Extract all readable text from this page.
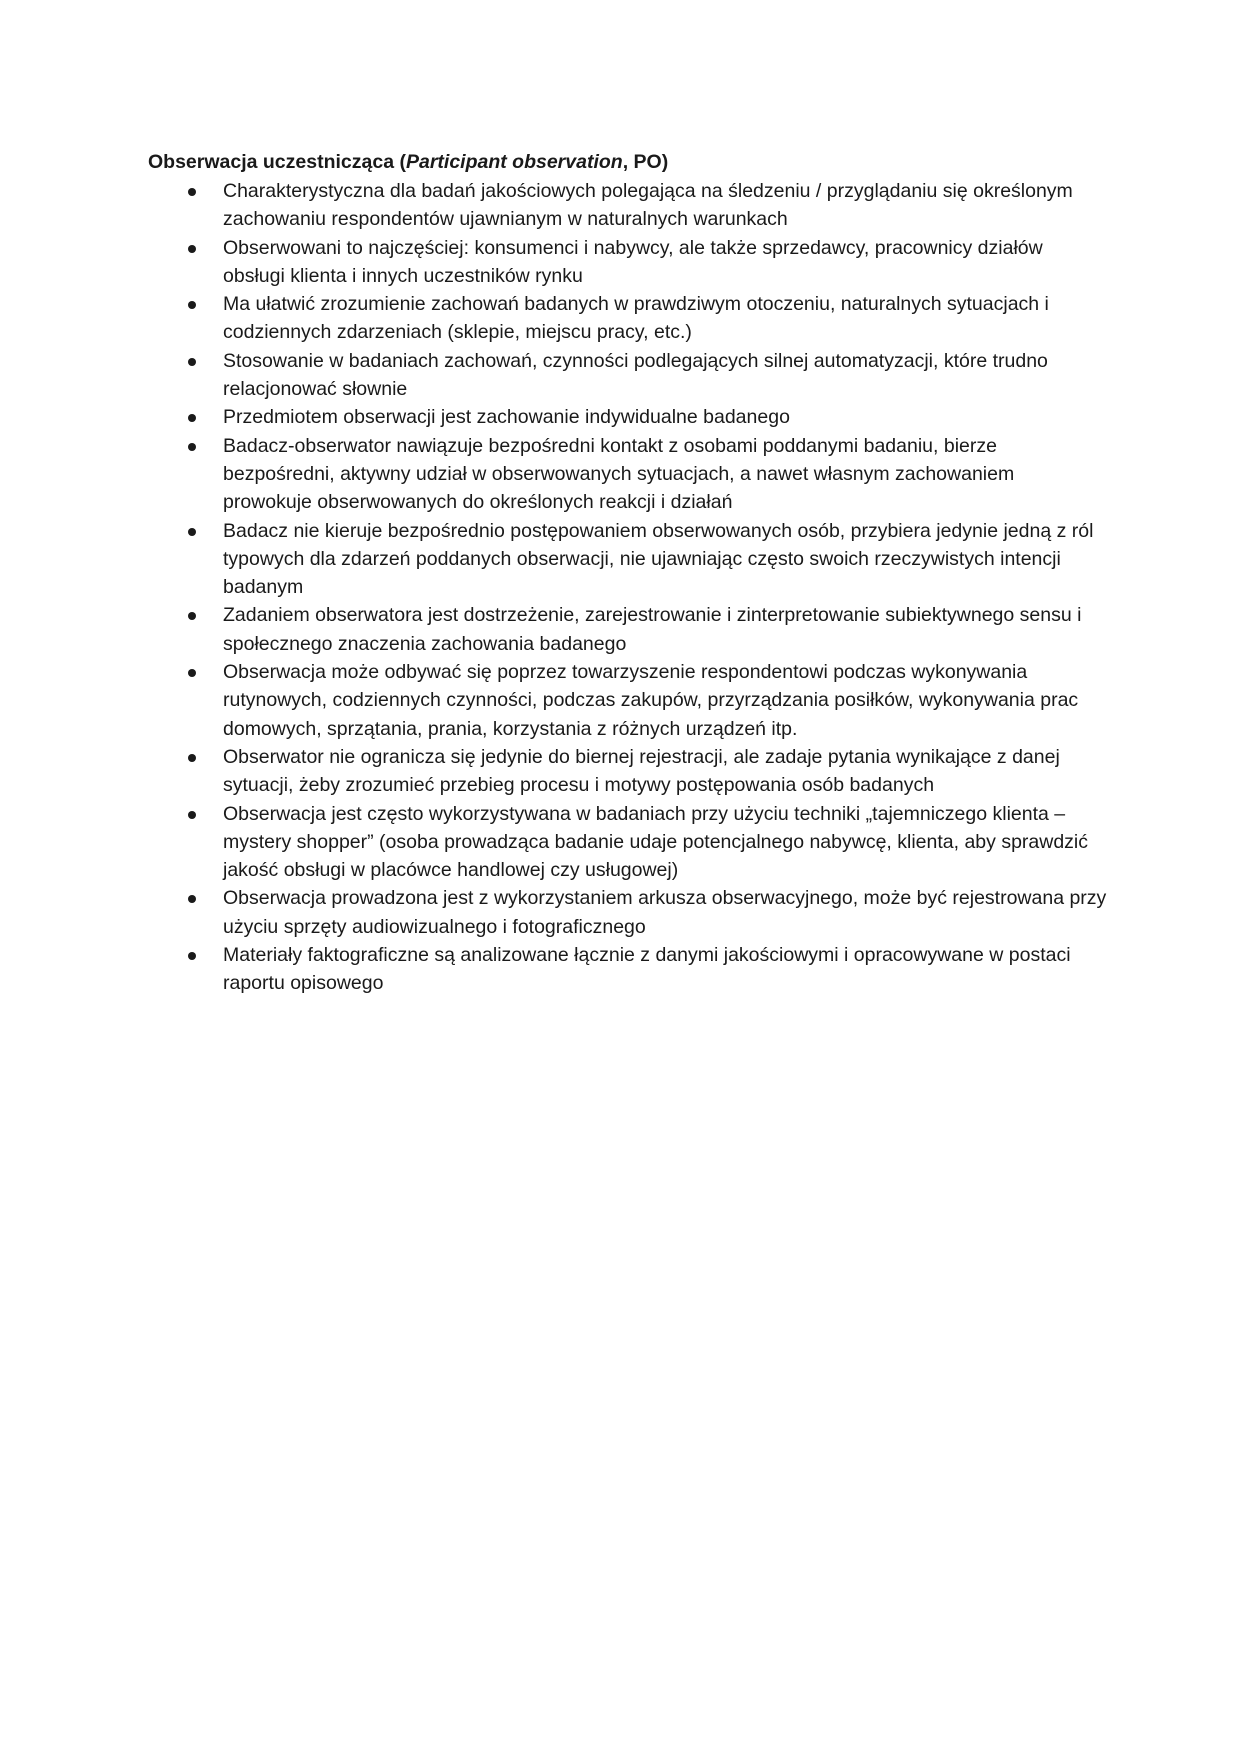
Obserwacja uczestnicząca (Participant observation, PO)
Charakterystyczna dla badań jakościowych polegająca na śledzeniu / przyglądaniu się określonym zachowaniu respondentów ujawnianym w naturalnych warunkach
Obserwowani to najczęściej: konsumenci i nabywcy, ale także sprzedawcy, pracownicy działów obsługi klienta i innych uczestników rynku
Ma ułatwić zrozumienie zachowań badanych w prawdziwym otoczeniu, naturalnych sytuacjach i codziennych zdarzeniach (sklepie, miejscu pracy, etc.)
Stosowanie w badaniach zachowań, czynności podlegających silnej automatyzacji, które trudno relacjonować słownie
Przedmiotem obserwacji jest zachowanie indywidualne badanego
Badacz-obserwator nawiązuje bezpośredni kontakt z osobami poddanymi badaniu, bierze bezpośredni, aktywny udział w obserwowanych sytuacjach, a nawet własnym zachowaniem prowokuje obserwowanych do określonych reakcji i działań
Badacz nie kieruje bezpośrednio postępowaniem obserwowanych osób, przybiera jedynie jedną z ról typowych dla zdarzeń poddanych obserwacji, nie ujawniając często swoich rzeczywistych intencji badanym
Zadaniem obserwatora jest dostrzeżenie, zarejestrowanie i zinterpretowanie subiektywnego sensu i społecznego znaczenia zachowania badanego
Obserwacja może odbywać się poprzez towarzyszenie respondentowi podczas wykonywania rutynowych, codziennych czynności, podczas zakupów, przyrządzania posiłków, wykonywania prac domowych, sprzątania, prania, korzystania z różnych urządzeń itp.
Obserwator nie ogranicza się jedynie do biernej rejestracji, ale zadaje pytania wynikające z danej sytuacji, żeby zrozumieć przebieg procesu i motywy postępowania osób badanych
Obserwacja jest często wykorzystywana w badaniach przy użyciu techniki „tajemniczego klienta – mystery shopper” (osoba prowadząca badanie udaje potencjalnego nabywcę, klienta, aby sprawdzić jakość obsługi w placówce handlowej czy usługowej)
Obserwacja prowadzona jest z wykorzystaniem arkusza obserwacyjnego, może być rejestrowana przy użyciu sprzęty audiowizualnego i fotograficznego
Materiały faktograficzne są analizowane łącznie z danymi jakościowymi i opracowywane w postaci raportu opisowego
